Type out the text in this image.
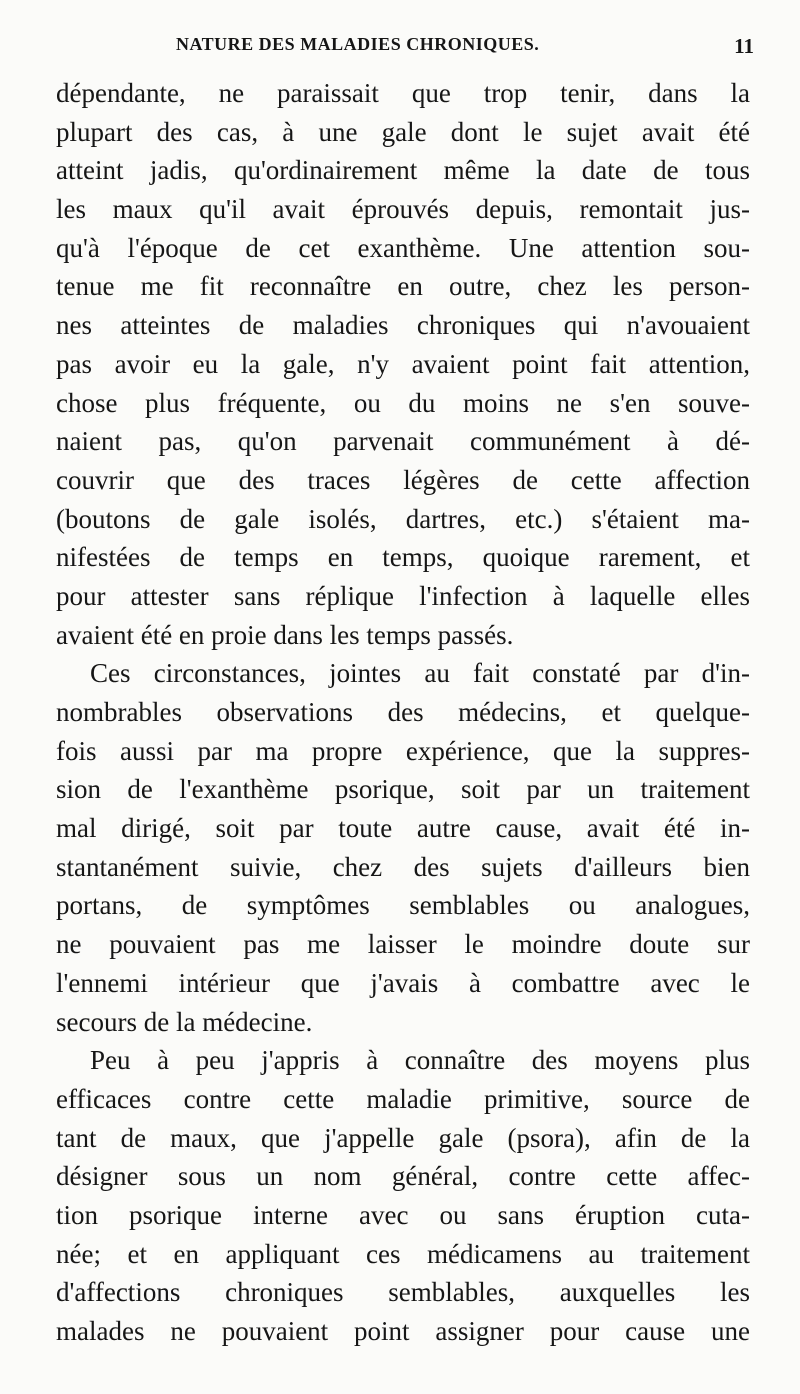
NATURE DES MALADIES CHRONIQUES.	11
dépendante, ne paraissait que trop tenir, dans la
plupart des cas, à une gale dont le sujet avait été
atteint jadis, qu'ordinairement même la date de tous
les maux qu'il avait éprouvés depuis, remontait jus-
qu'à l'époque de cet exanthème. Une attention sou-
tenue me fit reconnaître en outre, chez les person-
nes atteintes de maladies chroniques qui n'avouaient
pas avoir eu la gale, n'y avaient point fait attention,
chose plus fréquente, ou du moins ne s'en souve-
naient pas, qu'on parvenait communément à dé-
couvrir que des traces légères de cette affection
(boutons de gale isolés, dartres, etc.) s'étaient ma-
nifestées de temps en temps, quoique rarement, et
pour attester sans réplique l'infection à laquelle elles
avaient été en proie dans les temps passés.
Ces circonstances, jointes au fait constaté par d'in-
nombrables observations des médecins, et quelque-
fois aussi par ma propre expérience, que la suppres-
sion de l'exanthème psorique, soit par un traitement
mal dirigé, soit par toute autre cause, avait été in-
stantanément suivie, chez des sujets d'ailleurs bien
portans, de symptômes semblables ou analogues,
ne pouvaient pas me laisser le moindre doute sur
l'ennemi intérieur que j'avais à combattre avec le
secours de la médecine.
Peu à peu j'appris à connaître des moyens plus
efficaces contre cette maladie primitive, source de
tant de maux, que j'appelle gale (psora), afin de la
désigner sous un nom général, contre cette affec-
tion psorique interne avec ou sans éruption cuta-
née; et en appliquant ces médicamens au traitement
d'affections chroniques semblables, auxquelles les
malades ne pouvaient point assigner pour cause une
